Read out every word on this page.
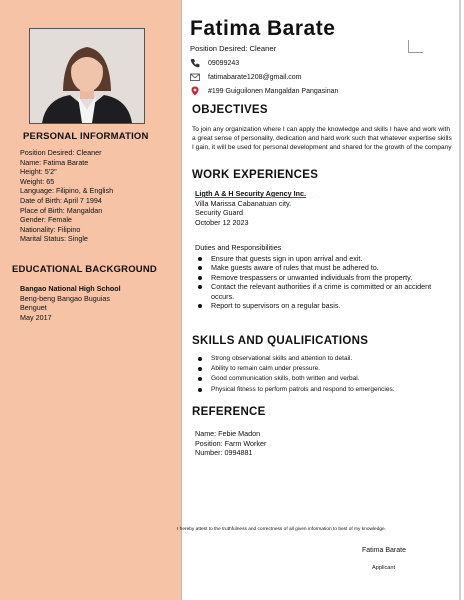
PERSONAL INFORMATION
Position Desired: Cleaner
Name: Fatima Barate
Height: 5'2"
Weight: 65
Language: Filipino, & English
Date of Birth: April 7 1994
Place of Birth: Mangaldan
Gender: Female
Nationality: Filipino
Marital Status: Single
EDUCATIONAL BACKGROUND
Bangao National High School
Beng-beng Bangao Buguias
Benguet
May 2017
Fatima Barate
Position Desired: Cleaner
09099243
fatimabarate1208@gmail.com
#199 Guiguilonen Mangaldan Pangasinan
OBJECTIVES
To join any organization where I can apply the knowledge and skills I have and work with a great sense of personality, dedication and hard work such that whatever expertise skills I gain, it will be used for personal development and shared for the growth of the company
WORK EXPERIENCES
Ligth A & H Security Agency Inc.
Villa Marissa Cabanatuan city.
Security Guard
October 12 2023
Duties and Responsibilities
Ensure that guests sign in upon arrival and exit.
Make guests aware of rules that must be adhered to.
Remove trespassers or unwanted individuals from the property.
Contact the relevant authorities if a crime is committed or an accident occurs.
Report to supervisors on a regular basis.
SKILLS AND QUALIFICATIONS
Strong observational skills and attention to detail.
Ability to remain calm under pressure.
Good communication skills, both written and verbal.
Physical fitness to perform patrols and respond to emergencies.
REFERENCE
Name: Febie Madon
Position: Farm Worker
Number: 0994881
I hereby attest to the truthfulness and correctness of all given information to best of my knowledge.
Fatima Barate
Applicant
